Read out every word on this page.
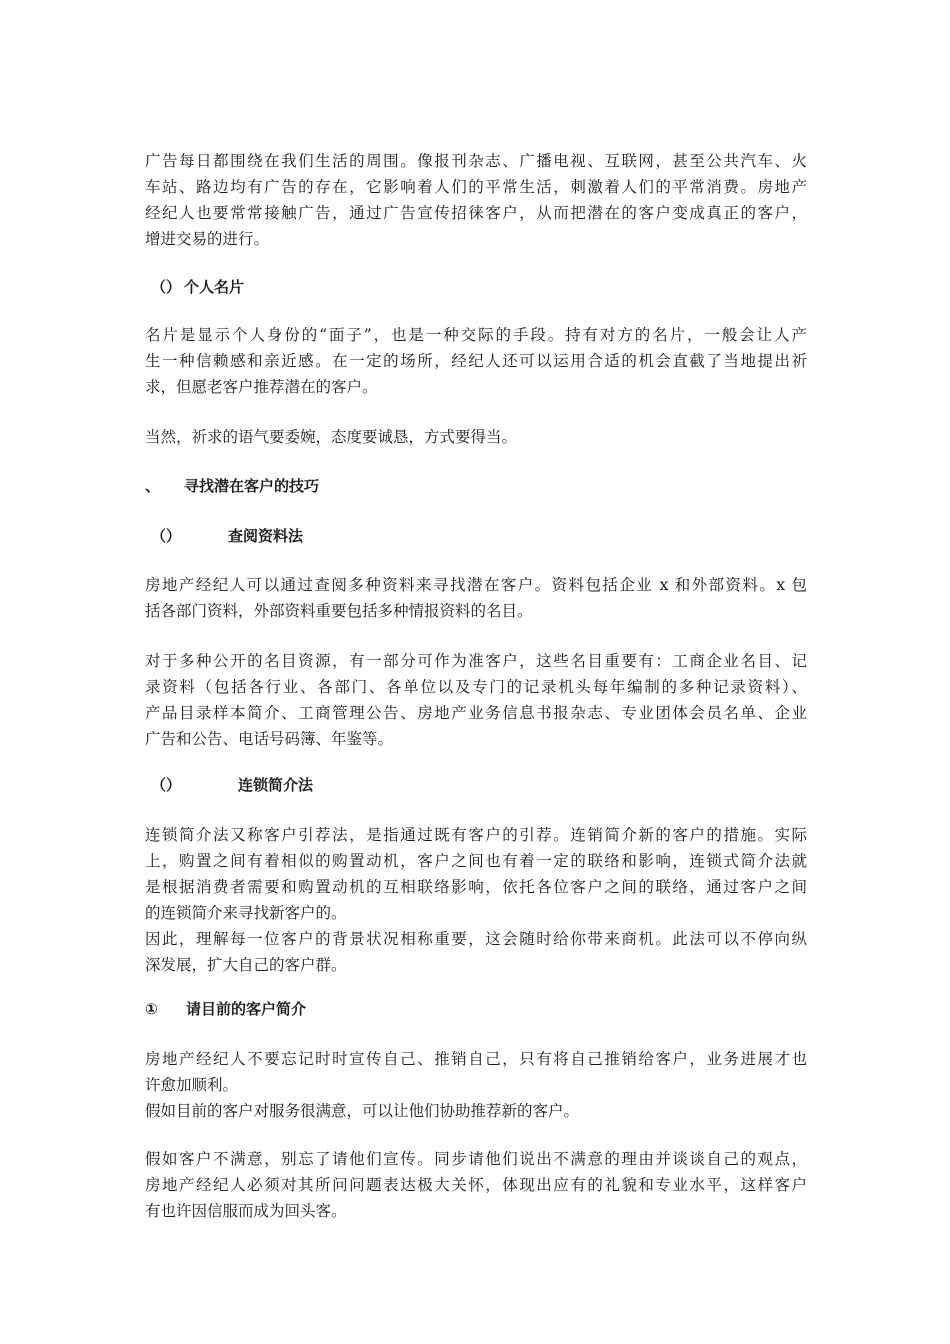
广告每日都围绕在我们生活的周围。像报刊杂志、广播电视、互联网，甚至公共汽车、火
车站、路边均有广告的存在，它影响着人们的平常生活，刺激着人们的平常消费。房地产
经纪人也要常常接触广告，通过广告宣传招徕客户，从而把潜在的客户变成真正的客户，
增进交易的进行。
（） 个人名片
名片是显示个人身份的“面子”，也是一种交际的手段。持有对方的名片，一般会让人产
生一种信赖感和亲近感。在一定的场所，经纪人还可以运用合适的机会直截了当地提出祈
求，但愿老客户推荐潜在的客户。
当然，祈求的语气要委婉，态度要诚恳，方式要得当。
、 寻找潜在客户的技巧
（）	查阅资料法
房地产经纪人可以通过查阅多种资料来寻找潜在客户。资料包括企业 x 和外部资料。x 包
括各部门资料，外部资料重要包括多种情报资料的名目。
对于多种公开的名目资源，有一部分可作为准客户，这些名目重要有：工商企业名目、记
录资料（包括各行业、各部门、各单位以及专门的记录机头每年编制的多种记录资料）、
产品目录样本简介、工商管理公告、房地产业务信息书报杂志、专业团体会员名单、企业
广告和公告、电话号码簿、年鉴等。
（）	连锁简介法
连锁简介法又称客户引荐法，是指通过既有客户的引荐。连销简介新的客户的措施。实际
上，购置之间有着相似的购置动机，客户之间也有着一定的联络和影响，连锁式简介法就
是根据消费者需要和购置动机的互相联络影响，依托各位客户之间的联络，通过客户之间
的连锁简介来寻找新客户的。
因此，理解每一位客户的背景状况相称重要，这会随时给你带来商机。此法可以不停向纵
深发展，扩大自己的客户群。
① 请目前的客户简介
房地产经纪人不要忘记时时宣传自己、推销自己，只有将自己推销给客户，业务进展才也
许愈加顺利。
假如目前的客户对服务很满意，可以让他们协助推荐新的客户。
假如客户不满意，别忘了请他们宣传。同步请他们说出不满意的理由并谈谈自己的观点，
房地产经纪人必须对其所问问题表达极大关怀，体现出应有的礼貌和专业水平，这样客户
有也许因信服而成为回头客。
